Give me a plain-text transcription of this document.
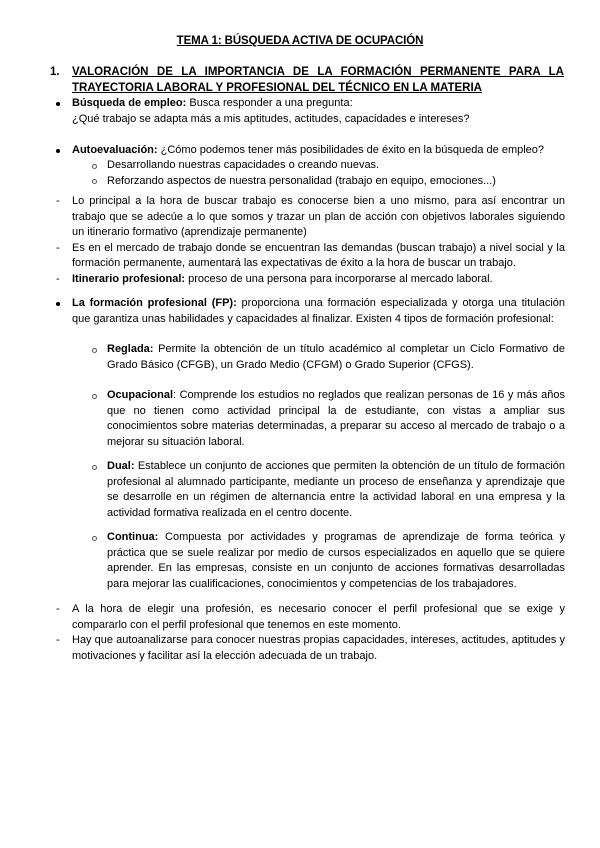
TEMA 1: BÚSQUEDA ACTIVA DE OCUPACIÓN
1. VALORACIÓN DE LA IMPORTANCIA DE LA FORMACIÓN PERMANENTE PARA LA TRAYECTORIA LABORAL Y PROFESIONAL DEL TÉCNICO EN LA MATERIA
Búsqueda de empleo: Busca responder a una pregunta:
¿Qué trabajo se adapta más a mis aptitudes, actitudes, capacidades e intereses?
Autoevaluación: ¿Cómo podemos tener más posibilidades de éxito en la búsqueda de empleo?
Desarrollando nuestras capacidades o creando nuevas.
Reforzando aspectos de nuestra personalidad (trabajo en equipo, emociones...)
Lo principal a la hora de buscar trabajo es conocerse bien a uno mismo, para así encontrar un trabajo que se adecúe a lo que somos y trazar un plan de acción con objetivos laborales siguiendo un itinerario formativo (aprendizaje permanente)
Es en el mercado de trabajo donde se encuentran las demandas (buscan trabajo) a nivel social y la formación permanente, aumentará las expectativas de éxito a la hora de buscar un trabajo.
Itinerario profesional: proceso de una persona para incorporarse al mercado laboral.
La formación profesional (FP): proporciona una formación especializada y otorga una titulación que garantiza unas habilidades y capacidades al finalizar. Existen 4 tipos de formación profesional:
Reglada: Permite la obtención de un título académico al completar un Ciclo Formativo de Grado Básico (CFGB), un Grado Medio (CFGM) o Grado Superior (CFGS).
Ocupacional: Comprende los estudios no reglados que realizan personas de 16 y más años que no tienen como actividad principal la de estudiante, con vistas a ampliar sus conocimientos sobre materias determinadas, a preparar su acceso al mercado de trabajo o a mejorar su situación laboral.
Dual: Establece un conjunto de acciones que permiten la obtención de un título de formación profesional al alumnado participante, mediante un proceso de enseñanza y aprendizaje que se desarrolle en un régimen de alternancia entre la actividad laboral en una empresa y la actividad formativa realizada en el centro docente.
Continua: Compuesta por actividades y programas de aprendizaje de forma teórica y práctica que se suele realizar por medio de cursos especializados en aquello que se quiere aprender. En las empresas, consiste en un conjunto de acciones formativas desarrolladas para mejorar las cualificaciones, conocimientos y competencias de los trabajadores.
A la hora de elegir una profesión, es necesario conocer el perfil profesional que se exige y compararlo con el perfil profesional que tenemos en este momento.
Hay que autoanalizarse para conocer nuestras propias capacidades, intereses, actitudes, aptitudes y motivaciones y facilitar así la elección adecuada de un trabajo.
